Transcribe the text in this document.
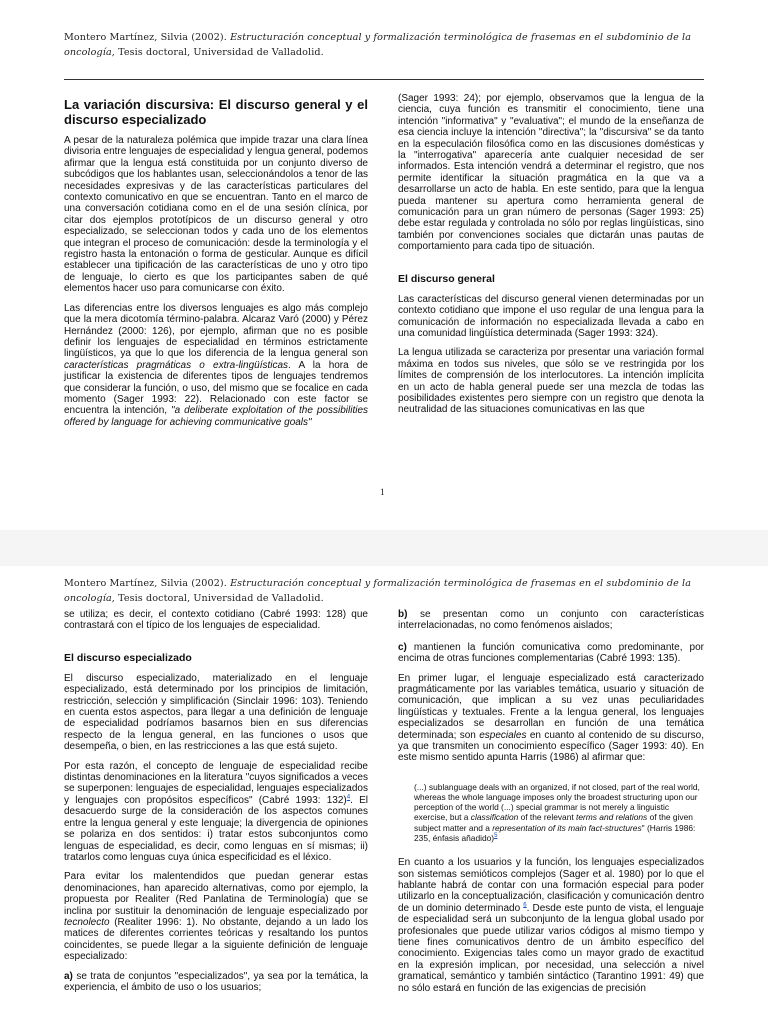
Montero Martínez, Silvia (2002). Estructuración conceptual y formalización terminológica de frasemas en el subdominio de la oncología, Tesis doctoral, Universidad de Valladolid.
La variación discursiva: El discurso general y el discurso especializado

A pesar de la naturaleza polémica que impide trazar una clara línea divisoria entre lenguajes de especialidad y lengua general, podemos afirmar que la lengua está constituida por un conjunto diverso de subcódigos que los hablantes usan, seleccionándolos a tenor de las necesidades expresivas y de las características particulares del contexto comunicativo en que se encuentran. Tanto en el marco de una conversación cotidiana como en el de una sesión clínica, por citar dos ejemplos prototípicos de un discurso general y otro especializado, se seleccionan todos y cada uno de los elementos que integran el proceso de comunicación: desde la terminología y el registro hasta la entonación o forma de gesticular. Aunque es difícil establecer una tipificación de las características de uno y otro tipo de lenguaje, lo cierto es que los participantes saben de qué elementos hacer uso para comunicarse con éxito.

Las diferencias entre los diversos lenguajes es algo más complejo que la mera dicotomía término-palabra. Alcaraz Varó (2000) y Pérez Hernández (2000: 126), por ejemplo, afirman que no es posible definir los lenguajes de especialidad en términos estrictamente lingüísticos, ya que lo que los diferencia de la lengua general son características pragmáticas o extra-lingüísticas. A la hora de justificar la existencia de diferentes tipos de lenguajes tendremos que considerar la función, o uso, del mismo que se focalice en cada momento (Sager 1993: 22). Relacionado con este factor se encuentra la intención, "a deliberate exploitation of the possibilities offered by language for achieving communicative goals"

(Sager 1993: 24); por ejemplo, observamos que la lengua de la ciencia, cuya función es transmitir el conocimiento, tiene una intención "informativa" y "evaluativa"; el mundo de la enseñanza de esa ciencia incluye la intención "directiva"; la "discursiva" se da tanto en la especulación filosófica como en las discusiones domésticas y la "interrogativa" aparecería ante cualquier necesidad de ser informados. Esta intención vendrá a determinar el registro, que nos permite identificar la situación pragmática en la que va a desarrollarse un acto de habla. En este sentido, para que la lengua pueda mantener su apertura como herramienta general de comunicación para un gran número de personas (Sager 1993: 25) debe estar regulada y controlada no sólo por reglas lingüísticas, sino también por convenciones sociales que dictarán unas pautas de comportamiento para cada tipo de situación.

El discurso general

Las características del discurso general vienen determinadas por un contexto cotidiano que impone el uso regular de una lengua para la comunicación de información no especializada llevada a cabo en una comunidad lingüística determinada (Sager 1993: 324).

La lengua utilizada se caracteriza por presentar una variación formal máxima en todos sus niveles, que sólo se ve restringida por los límites de comprensión de los interlocutores. La intención implícita en un acto de habla general puede ser una mezcla de todas las posibilidades existentes pero siempre con un registro que denota la neutralidad de las situaciones comunicativas en las que

1
Montero Martínez, Silvia (2002). Estructuración conceptual y formalización terminológica de frasemas en el subdominio de la oncología, Tesis doctoral, Universidad de Valladolid.

se utiliza; es decir, el contexto cotidiano (Cabré 1993: 128) que contrastará con el típico de los lenguajes de especialidad.

El discurso especializado

El discurso especializado, materializado en el lenguaje especializado, está determinado por los principios de limitación, restricción, selección y simplificación (Sinclair 1996: 103). Teniendo en cuenta estos aspectos, para llegar a una definición de lenguaje de especialidad podríamos basarnos bien en sus diferencias respecto de la lengua general, en las funciones o usos que desempeña, o bien, en las restricciones a las que está sujeto.

Por esta razón, el concepto de lenguaje de especialidad recibe distintas denominaciones en la literatura "cuyos significados a veces se superponen: lenguajes de especialidad, lenguajes especializados y lenguajes con propósitos específicos" (Cabré 1993: 132)$^4$. El desacuerdo surge de la consideración de los aspectos comunes entre la lengua general y este lenguaje; la divergencia de opiniones se polariza en dos sentidos: i) tratar estos subconjuntos como lenguas de especialidad, es decir, como lenguas en sí mismas; ii) tratarlos como lenguas cuya única especificidad es el léxico.

Para evitar los malentendidos que puedan generar estas denominaciones, han aparecido alternativas, como por ejemplo, la propuesta por Realiter (Red Panlatina de Terminología) que se inclina por sustituir la denominación de lenguaje especializado por tecnolecto (Realiter 1996: 1). No obstante, dejando a un lado los matices de diferentes corrientes teóricas y resaltando los puntos coincidentes, se puede llegar a la siguiente definición de lenguaje especializado:

a) se trata de conjuntos "especializados", ya sea por la temática, la experiencia, el ámbito de uso o los usuarios;

b) se presentan como un conjunto con características interrelacionadas, no como fenómenos aislados;

c) mantienen la función comunicativa como predominante, por encima de otras funciones complementarias (Cabré 1993: 135).

En primer lugar, el lenguaje especializado está caracterizado pragmáticamente por las variables temática, usuario y situación de comunicación, que implican a su vez unas peculiaridades lingüísticas y textuales. Frente a la lengua general, los lenguajes especializados se desarrollan en función de una temática determinada; son especiales en cuanto al contenido de su discurso, ya que transmiten un conocimiento específico (Sager 1993: 40). En este mismo sentido apunta Harris (1986) al afirmar que:

(...) sublanguage deals with an organized, if not closed, part of the real world, whereas the whole language imposes only the broadest structuring upon our perception of the world (...) special grammar is not merely a linguistic exercise, but a classification of the relevant terms and relations of the given subject matter and a representation of its main fact-structures" (Harris 1986: 235, énfasis añadido)$^5$

En cuanto a los usuarios y la función, los lenguajes especializados son sistemas semióticos complejos (Sager et al. 1980) por lo que el hablante habrá de contar con una formación especial para poder utilizarlo en la conceptualización, clasificación y comunicación dentro de un dominio determinado $^6$. Desde este punto de vista, el lenguaje de especialidad será un subconjunto de la lengua global usado por profesionales que puede utilizar varios códigos al mismo tiempo y tiene fines comunicativos dentro de un ámbito específico del conocimiento. Exigencias tales como un mayor grado de exactitud en la expresión implican, por necesidad, una selección a nivel gramatical, semántico y también sintáctico (Tarantino 1991: 49) que no sólo estará en función de las exigencias de precisión
